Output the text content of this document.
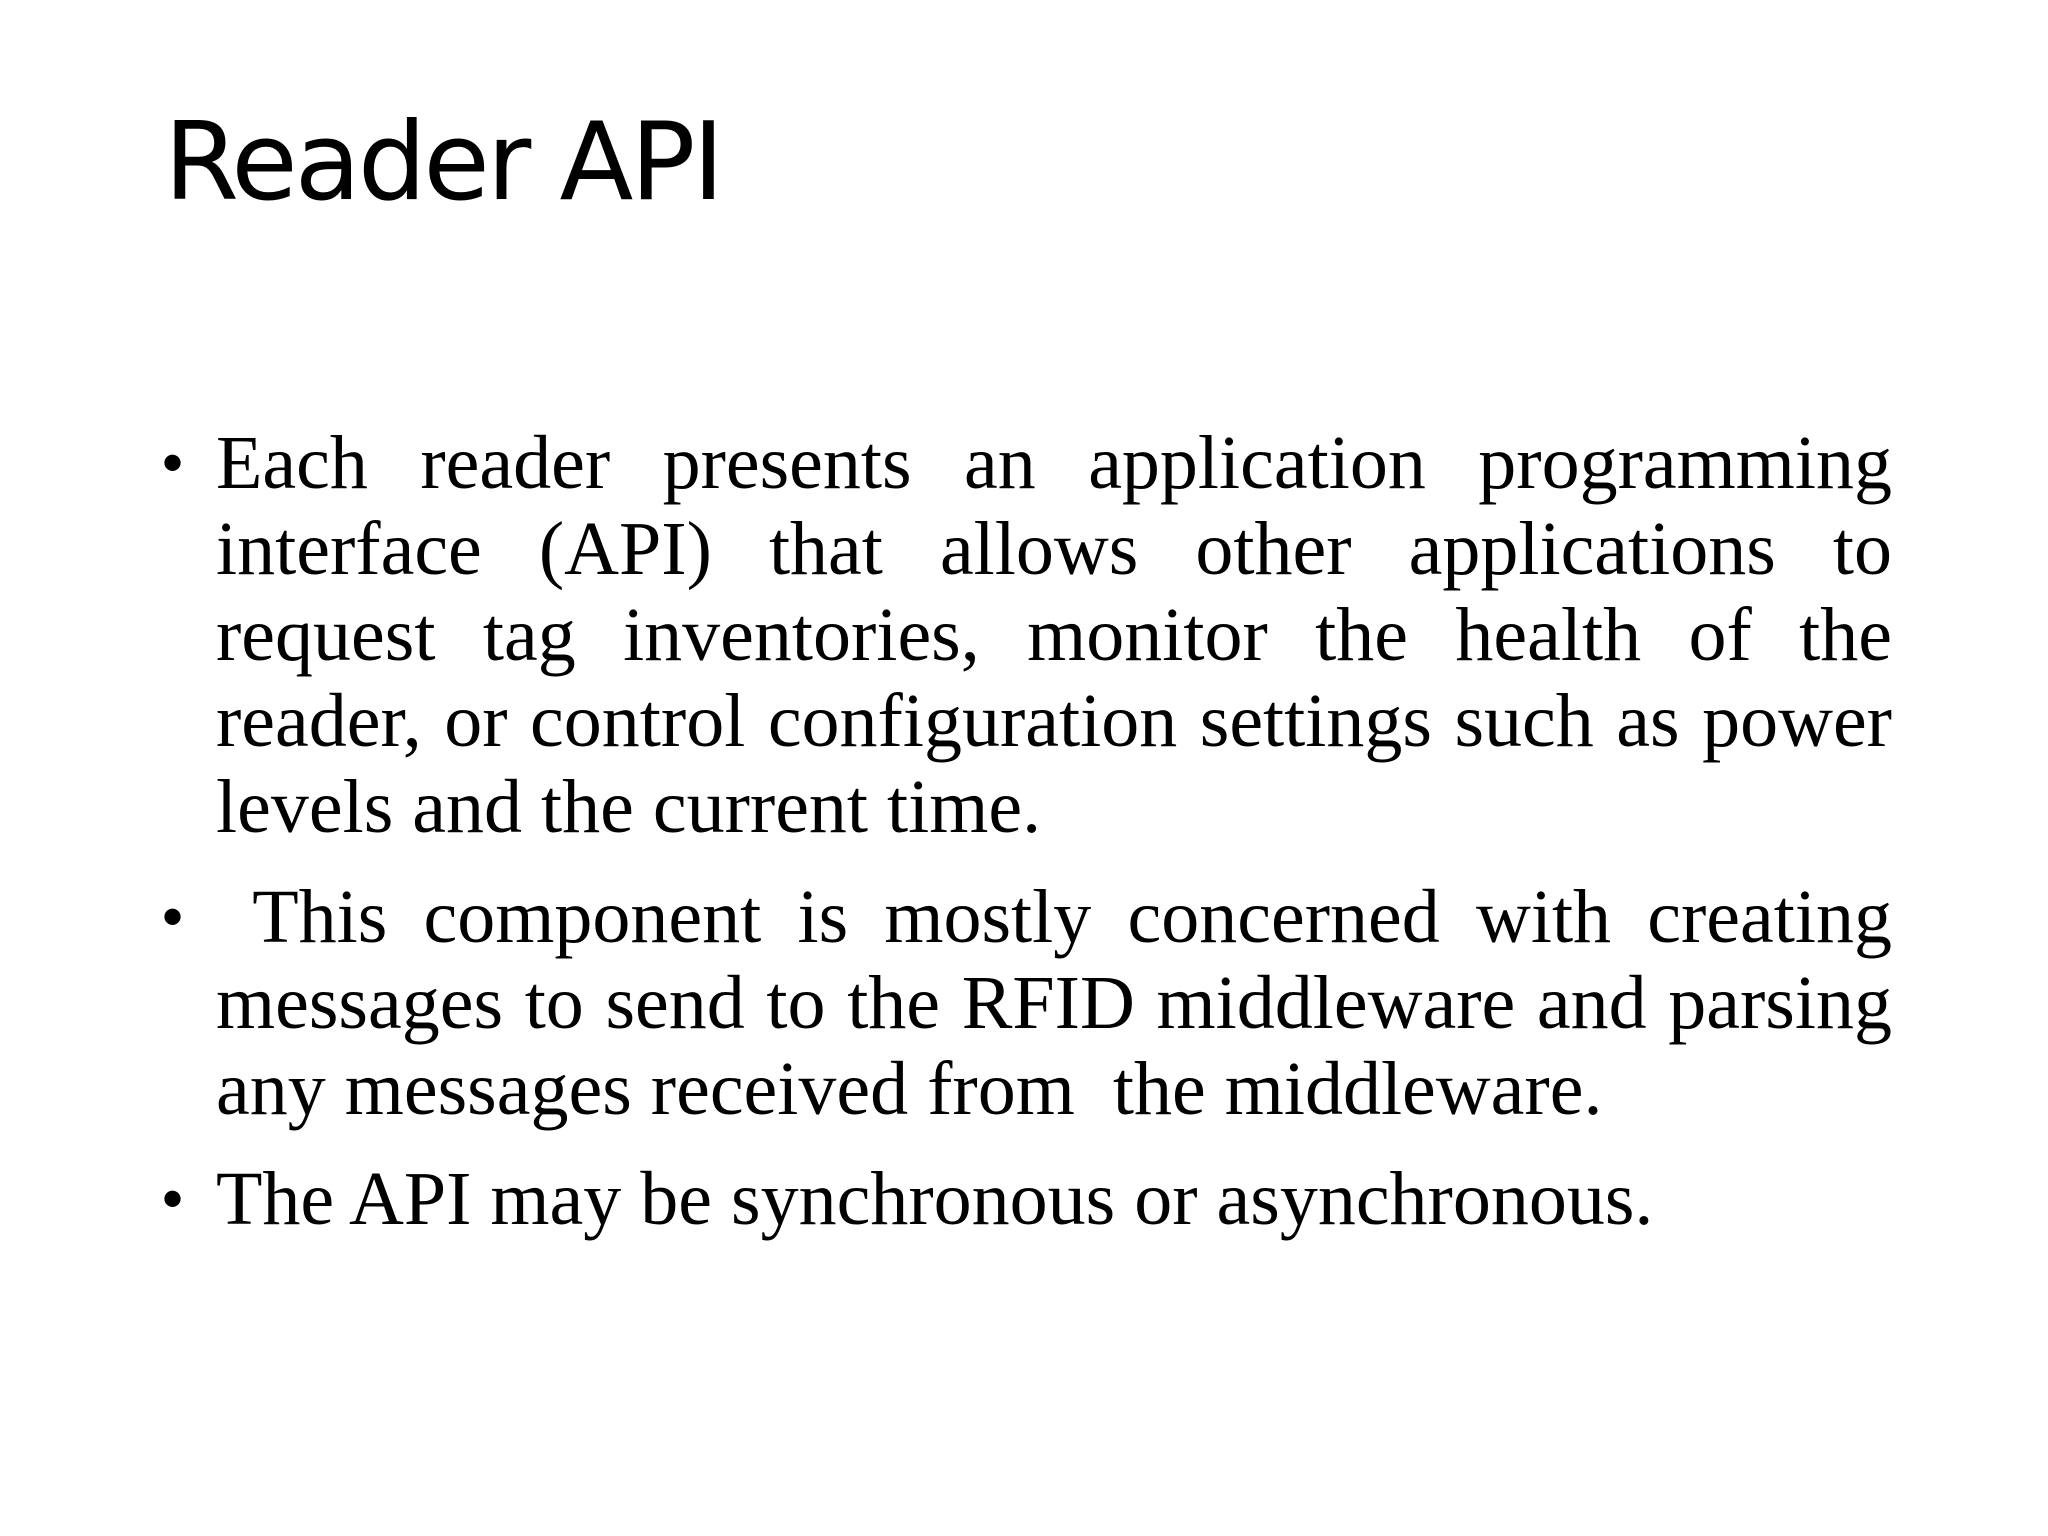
Reader API
• Each reader presents an application programming interface (API) that allows other applications to request tag inventories, monitor the health of the reader, or control configuration settings such as power levels and the current time.
• This component is mostly concerned with creating messages to send to the RFID middleware and parsing any messages received from  the middleware.
• The API may be synchronous or asynchronous.
